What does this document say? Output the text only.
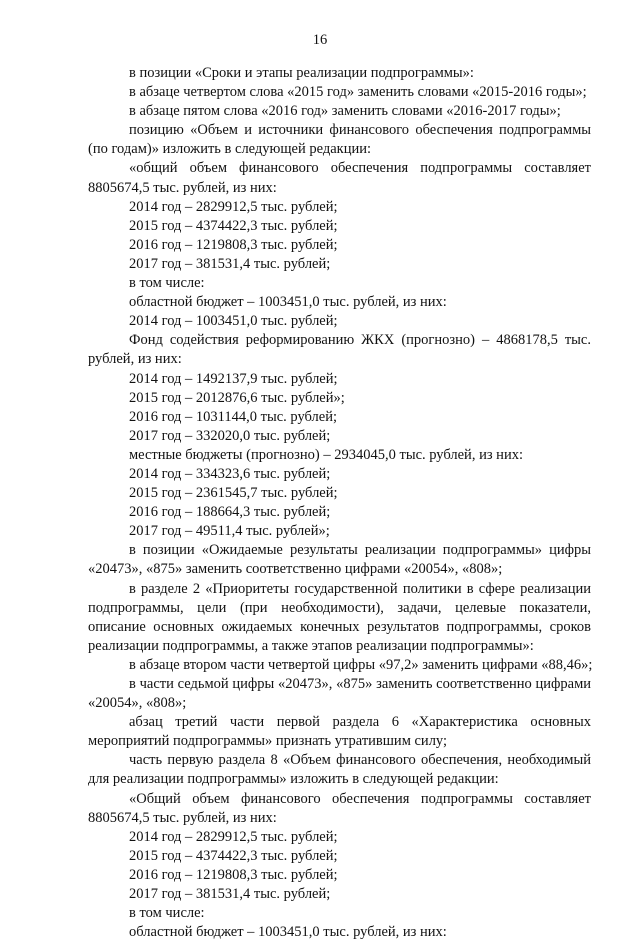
16

в позиции «Сроки и этапы реализации подпрограммы»:

в абзаце четвертом слова «2015 год» заменить словами «2015-2016 годы»;

в абзаце пятом слова «2016 год» заменить словами «2016-2017 годы»;

позицию «Объем и источники финансового обеспечения подпрограммы (по годам)» изложить в следующей редакции:

«общий объем финансового обеспечения подпрограммы составляет 8805674,5 тыс. рублей, из них:

2014 год – 2829912,5 тыс. рублей;

2015 год – 4374422,3 тыс. рублей;

2016 год – 1219808,3 тыс. рублей;

2017 год – 381531,4 тыс. рублей;

в том числе:

областной бюджет – 1003451,0 тыс. рублей, из них:

2014 год – 1003451,0 тыс. рублей;

Фонд содействия реформированию ЖКХ (прогнозно) – 4868178,5 тыс. рублей, из них:

2014 год – 1492137,9 тыс. рублей;

2015 год – 2012876,6 тыс. рублей»;

2016 год – 1031144,0 тыс. рублей;

2017 год – 332020,0 тыс. рублей;

местные бюджеты (прогнозно) – 2934045,0 тыс. рублей, из них:

2014 год – 334323,6 тыс. рублей;

2015 год – 2361545,7 тыс. рублей;

2016 год – 188664,3 тыс. рублей;

2017 год – 49511,4 тыс. рублей»;

в позиции «Ожидаемые результаты реализации подпрограммы» цифры «20473», «875» заменить соответственно цифрами «20054», «808»;

в разделе 2 «Приоритеты государственной политики в сфере реализации подпрограммы, цели (при необходимости), задачи, целевые показатели, описание основных ожидаемых конечных результатов подпрограммы, сроков реализации подпрограммы, а также этапов реализации подпрограммы»:

в абзаце втором части четвертой цифры «97,2» заменить цифрами «88,46»;

в части седьмой цифры «20473», «875» заменить соответственно цифрами «20054», «808»;

абзац третий части первой раздела 6 «Характеристика основных мероприятий подпрограммы» признать утратившим силу;

часть первую раздела 8 «Объем финансового обеспечения, необходимый для реализации подпрограммы» изложить в следующей редакции:

«Общий объем финансового обеспечения подпрограммы составляет 8805674,5 тыс. рублей, из них:

2014 год – 2829912,5 тыс. рублей;

2015 год – 4374422,3 тыс. рублей;

2016 год – 1219808,3 тыс. рублей;

2017 год – 381531,4 тыс. рублей;

в том числе:

областной бюджет – 1003451,0 тыс. рублей, из них:
